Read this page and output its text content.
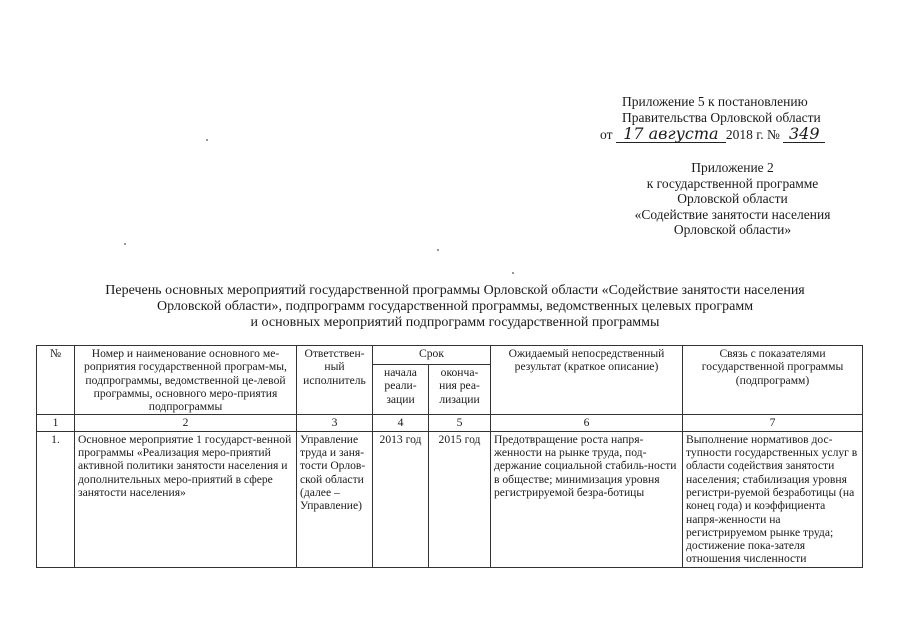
Приложение 5 к постановлению
Правительства Орловской области
от 17 августа 2018 г. № 349
Приложение 2
к государственной программе
Орловской области
«Содействие занятости населения
Орловской области»
Перечень основных мероприятий государственной программы Орловской области «Содействие занятости населения
Орловской области», подпрограмм государственной программы, ведомственных целевых программ
и основных мероприятий подпрограмм государственной программы
№	Номер и наименование основного ме-роприятия государственной програм-мы, подпрограммы, ведомственной це-левой программы, основного меро-приятия подпрограммы	Ответствен-ный исполнитель	Срок		Ожидаемый непосредственный результат (краткое описание)	Связь с показателями государственной программы (подпрограмм)
			начала реали-зации	оконча-ния реа-лизации		
1	2	3	4	5	6	7
1.	Основное мероприятие 1 государст-венной программы «Реализация меро-приятий активной политики занятости населения и дополнительных меро-приятий в сфере занятости населения»	Управление труда и заня-тости Орлов-ской области (далее – Управление)	2013 год	2015 год	Предотвращение роста напря-женности на рынке труда, под-держание социальной стабиль-ности в обществе; минимизация уровня регистрируемой безра-ботицы	Выполнение нормативов дос-тупности государственных услуг в области содействия занятости населения; стабилизация уровня регистри-руемой безработицы (на конец года) и коэффициента напря-женности на регистрируемом рынке труда; достижение пока-зателя отношения численности
